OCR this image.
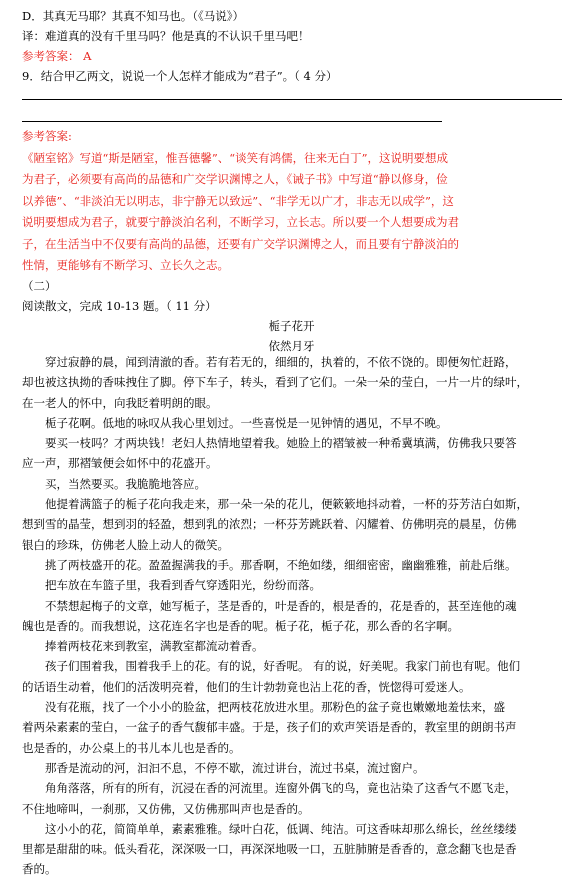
D．其真无马耶？其真不知马也。（《马说》）
译：难道真的没有千里马吗？他是真的不认识千里马吧！
参考答案： A
9．结合甲乙两文，说说一个人怎样才能成为“君子”。（ 4 分）

参考答案:

《陋室铭》写道“斯是陋室，惟吾德馨”、“谈笑有鸿儒，往来无白丁”，这说明要想成

为君子，必须要有高尚的品德和广交学识渊博之人，《诫子书》中写道“静以修身，俭

以养德”、“非淡泊无以明志，非宁静无以致远”、“非学无以广才，非志无以成学”，这

说明要想成为君子，就要宁静淡泊名利，不断学习，立长志。所以要一个人想要成为君

子，在生活当中不仅要有高尚的品德，还要有广交学识渊博之人，而且要有宁静淡泊的

性情，更能够有不断学习、立长久之志。

（二）
阅读散文，完成 10-13 题。（ 11 分）
栀子花开
依然月牙

　　穿过寂静的晨，闻到清澈的香。若有若无的，细细的，执着的，不依不饶的。即便匆忙赶路，
却也被这执拗的香味拽住了脚。停下车子，转头，看到了它们。一朵一朵的莹白，一片一片的绿叶，
在一老人的怀中，向我眨着明朗的眼。

　　栀子花啊。低地的咏叹从我心里划过。一些喜悦是一见钟情的遇见，不早不晚。

　　要买一枝吗？才两块钱！老妇人热情地望着我。她脸上的褶皱被一种希冀填满，仿佛我只要答
应一声，那褶皱便会如怀中的花盛开。

　　买，当然要买。我脆脆地答应。

　　他提着满篮子的栀子花向我走来，那一朵一朵的花儿，便簌簌地抖动着，一杯的芬芳洁白如斯，
想到雪的晶莹，想到羽的轻盈，想到乳的浓烈；一杯芬芳跳跃着、闪耀着、仿佛明亮的晨星，仿佛
银白的珍珠，仿佛老人脸上动人的微笑。

　　挑了两枝盛开的花。盈盈握满我的手。那香啊，不绝如缕，细细密密，幽幽雅雅，前赴后继。

　　把车放在车篮子里，我看到香气穿透阳光，纷纷而落。

　　不禁想起梅子的文章，她写栀子，茎是香的，叶是香的，根是香的，花是香的，甚至连他的魂
魄也是香的。而我想说，这花连名字也是香的呢。栀子花，栀子花，那么香的名字啊。

　　捧着两枝花来到教室，满教室都流动着香。

　　孩子们围着我，围着我手上的花。有的说，好香呢。 有的说，好美呢。我家门前也有呢。他们
的话语生动着，他们的活泼明亮着，他们的生计勃勃竟也沾上花的香，恍惚得可爱迷人。

　　没有花瓶，找了一个小小的脸盆，把两枝花放进水里。那粉色的盆子竟也嫩嫩地羞怯来，盛
着两朵素素的莹白，一盆子的香气馥郁丰盛。于是，孩子们的欢声笑语是香的，教室里的朗朗书声
也是香的，办公桌上的书儿本儿也是香的。

　　那香是流动的河，汩汩不息，不停不歇，流过讲台，流过书桌，流过窗户。

　　角角落落，所有的所有，沉浸在香的河流里。连窗外偶飞的鸟，竟也沾染了这香气不愿飞走，
不住地啼叫，一刹那，又仿佛，又仿佛那叫声也是香的。

　　这小小的花，简简单单，素素雅雅。绿叶白花，低调、纯洁。可这香味却那么绵长，丝丝缕缕
里都是甜甜的味。低头看花，深深吸一口，再深深地吸一口，五脏肺腑是香香的，意念翻飞也是香
香的。
